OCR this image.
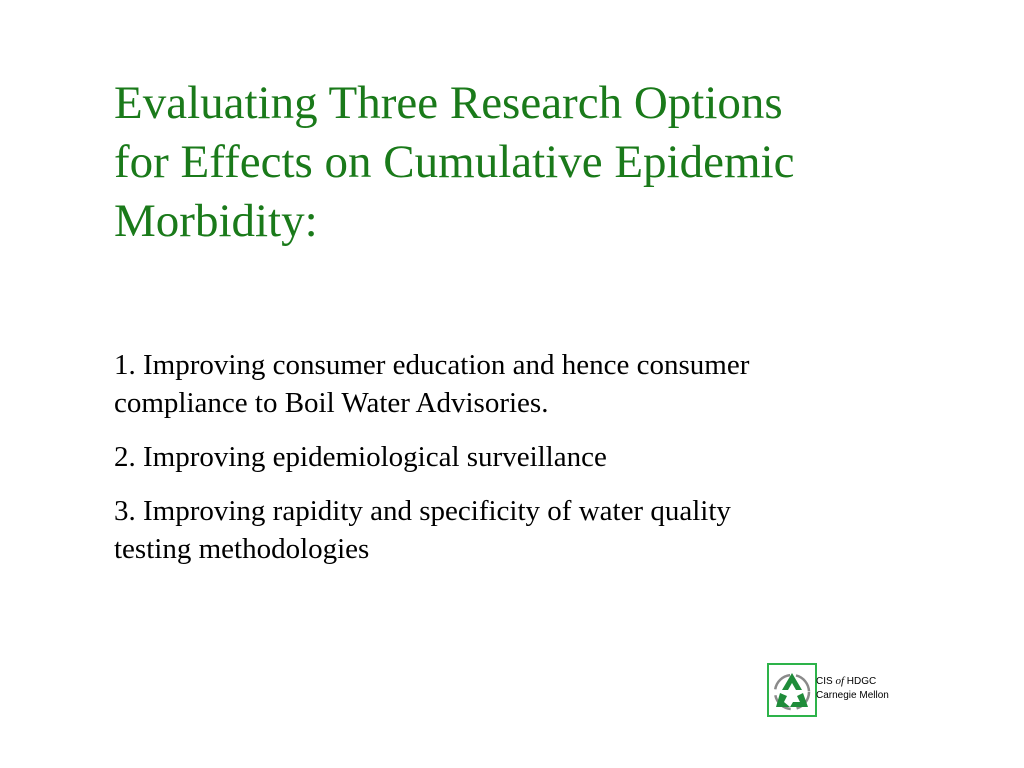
Evaluating Three Research Options
for Effects on Cumulative Epidemic
Morbidity:
1. Improving consumer education and hence consumer
compliance to Boil Water Advisories.
2. Improving epidemiological surveillance
3. Improving rapidity and specificity of water quality
testing methodologies
CIS of HDGC
Carnegie Mellon
